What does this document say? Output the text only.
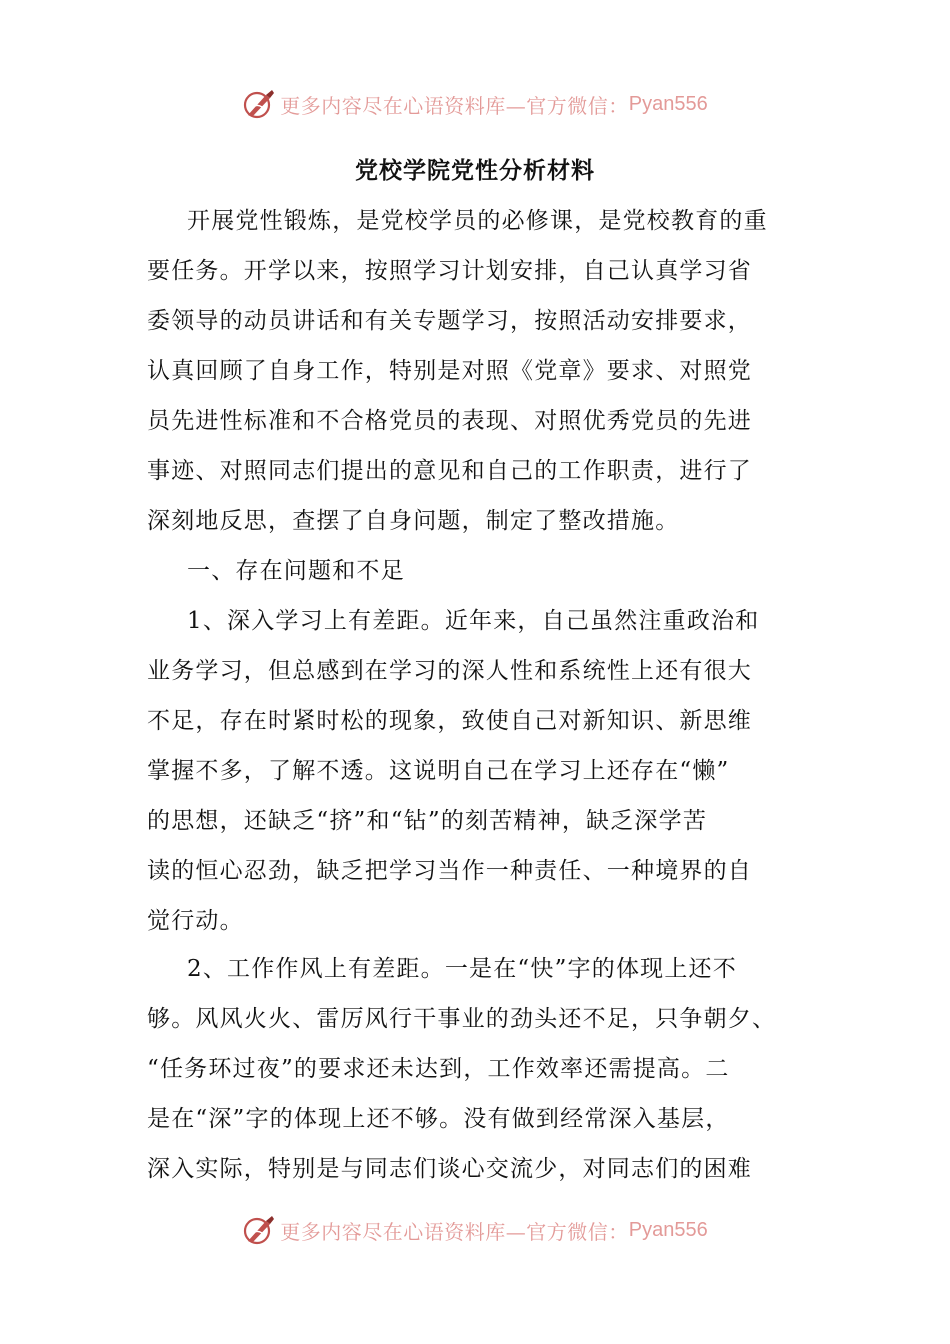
更多内容尽在心语资料库—官方微信： Pyan556
党校学院党性分析材料

开展党性锻炼，是党校学员的必修课，是党校教育的重
要任务。开学以来，按照学习计划安排，自己认真学习省
委领导的动员讲话和有关专题学习，按照活动安排要求，
认真回顾了自身工作，特别是对照《党章》要求、对照党
员先进性标准和不合格党员的表现、对照优秀党员的先进
事迹、对照同志们提出的意见和自己的工作职责，进行了
深刻地反思，查摆了自身问题，制定了整改措施。

一、存在问题和不足

1、深入学习上有差距。近年来，自己虽然注重政治和
业务学习，但总感到在学习的深人性和系统性上还有很大
不足，存在时紧时松的现象，致使自己对新知识、新思维
掌握不多，了解不透。这说明自己在学习上还存在“懒”
的思想，还缺乏“挤”和“钻”的刻苦精神，缺乏深学苦
读的恒心忍劲，缺乏把学习当作一种责任、一种境界的自
觉行动。

2、工作作风上有差距。一是在“快”字的体现上还不
够。风风火火、雷厉风行干事业的劲头还不足，只争朝夕、
“任务环过夜”的要求还未达到，工作效率还需提高。二
是在“深”字的体现上还不够。没有做到经常深入基层，
深入实际，特别是与同志们谈心交流少，对同志们的困难

更多内容尽在心语资料库—官方微信： Pyan556
